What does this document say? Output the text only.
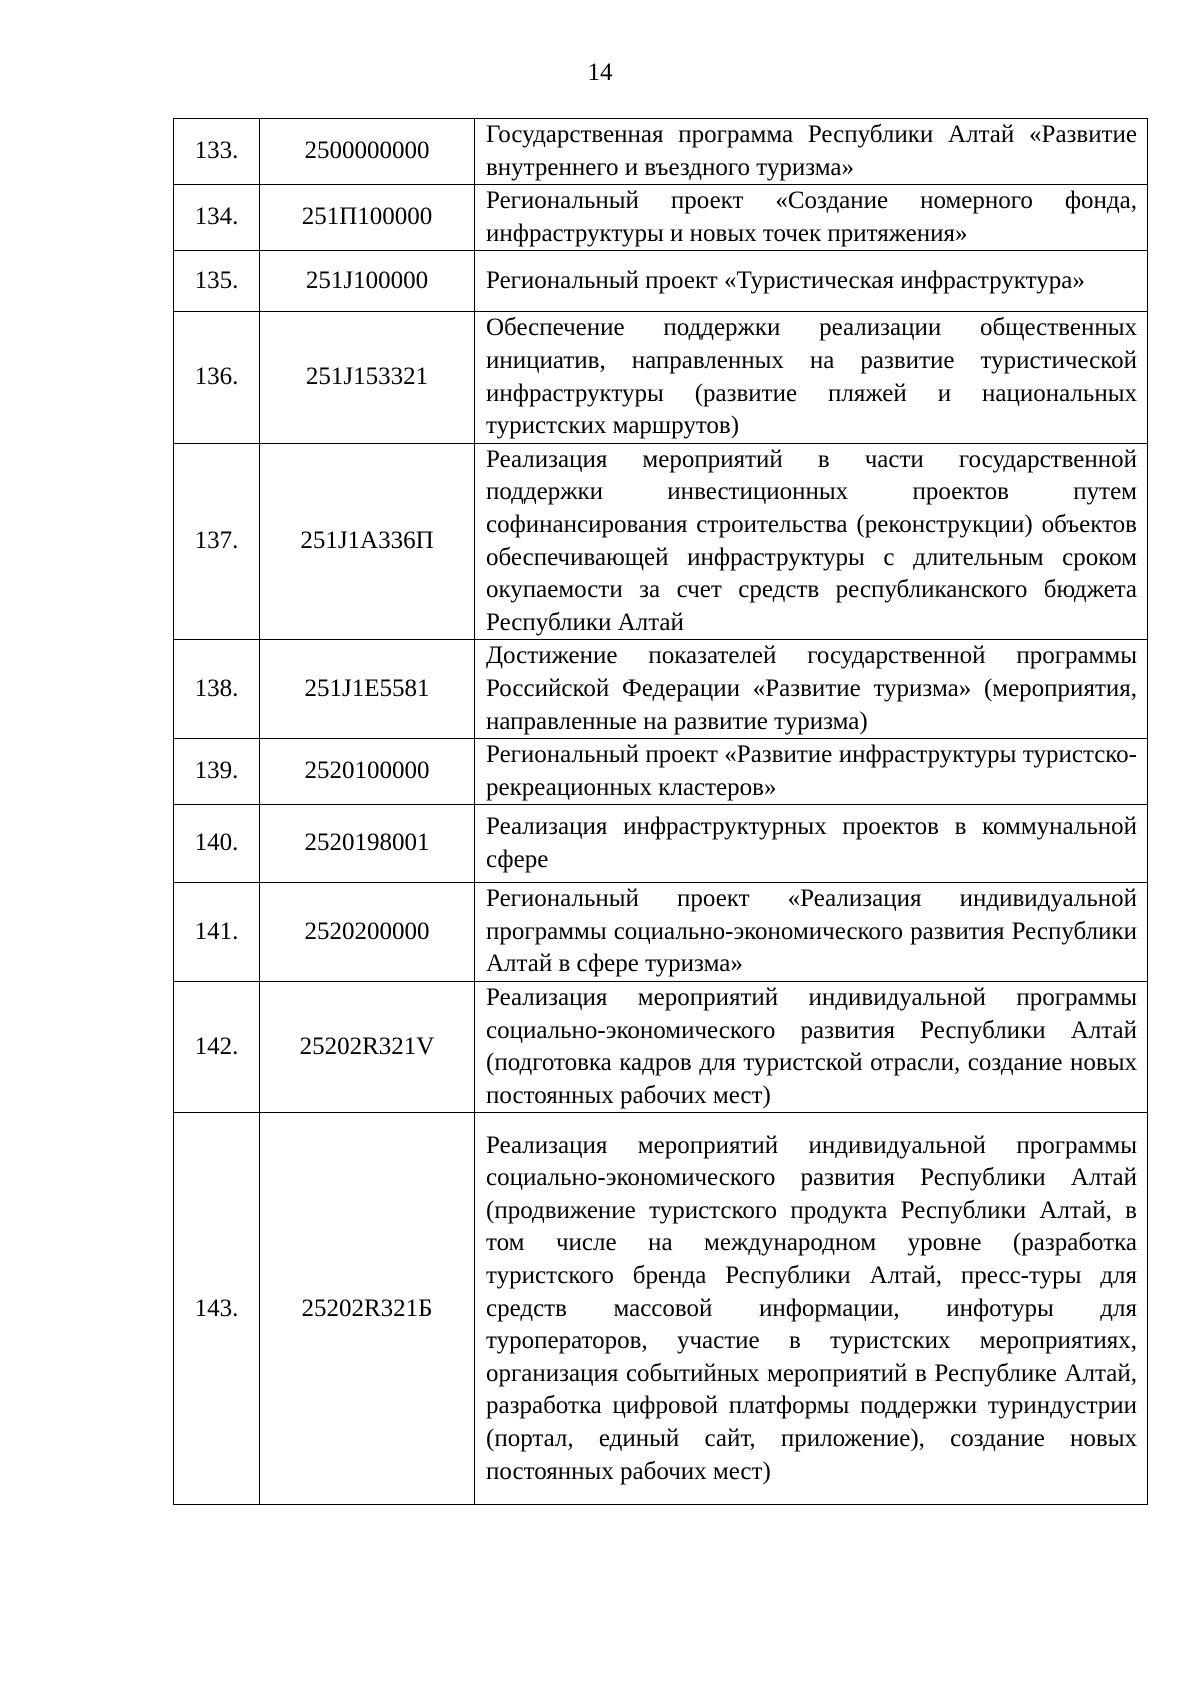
14
133.	2500000000	Государственная программа Республики Алтай «Развитие внутреннего и въездного туризма»
134.	251П100000	Региональный проект «Создание номерного фонда, инфраструктуры и новых точек притяжения»
135.	251J100000	Региональный проект «Туристическая инфраструктура»
136.	251J153321	Обеспечение поддержки реализации общественных инициатив, направленных на развитие туристической инфраструктуры (развитие пляжей и национальных туристских маршрутов)
137.	251J1А336П	Реализация мероприятий в части государственной поддержки инвестиционных проектов путем софинансирования строительства (реконструкции) объектов обеспечивающей инфраструктуры с длительным сроком окупаемости за счет средств республиканского бюджета Республики Алтай
138.	251J1Е5581	Достижение показателей государственной программы Российской Федерации «Развитие туризма» (мероприятия, направленные на развитие туризма)
139.	2520100000	Региональный проект «Развитие инфраструктуры туристско-рекреационных кластеров»
140.	2520198001	Реализация инфраструктурных проектов в коммунальной сфере
141.	2520200000	Региональный проект «Реализация индивидуальной программы социально-экономического развития Республики Алтай в сфере туризма»
142.	25202R321V	Реализация мероприятий индивидуальной программы социально-экономического развития Республики Алтай (подготовка кадров для туристской отрасли, создание новых постоянных рабочих мест)
143.	25202R321Б	Реализация мероприятий индивидуальной программы социально-экономического развития Республики Алтай (продвижение туристского продукта Республики Алтай, в том числе на международном уровне (разработка туристского бренда Республики Алтай, пресс-туры для средств массовой информации, инфотуры для туроператоров, участие в туристских мероприятиях, организация событийных мероприятий в Республике Алтай, разработка цифровой платформы поддержки туриндустрии (портал, единый сайт, приложение), создание новых постоянных рабочих мест)
